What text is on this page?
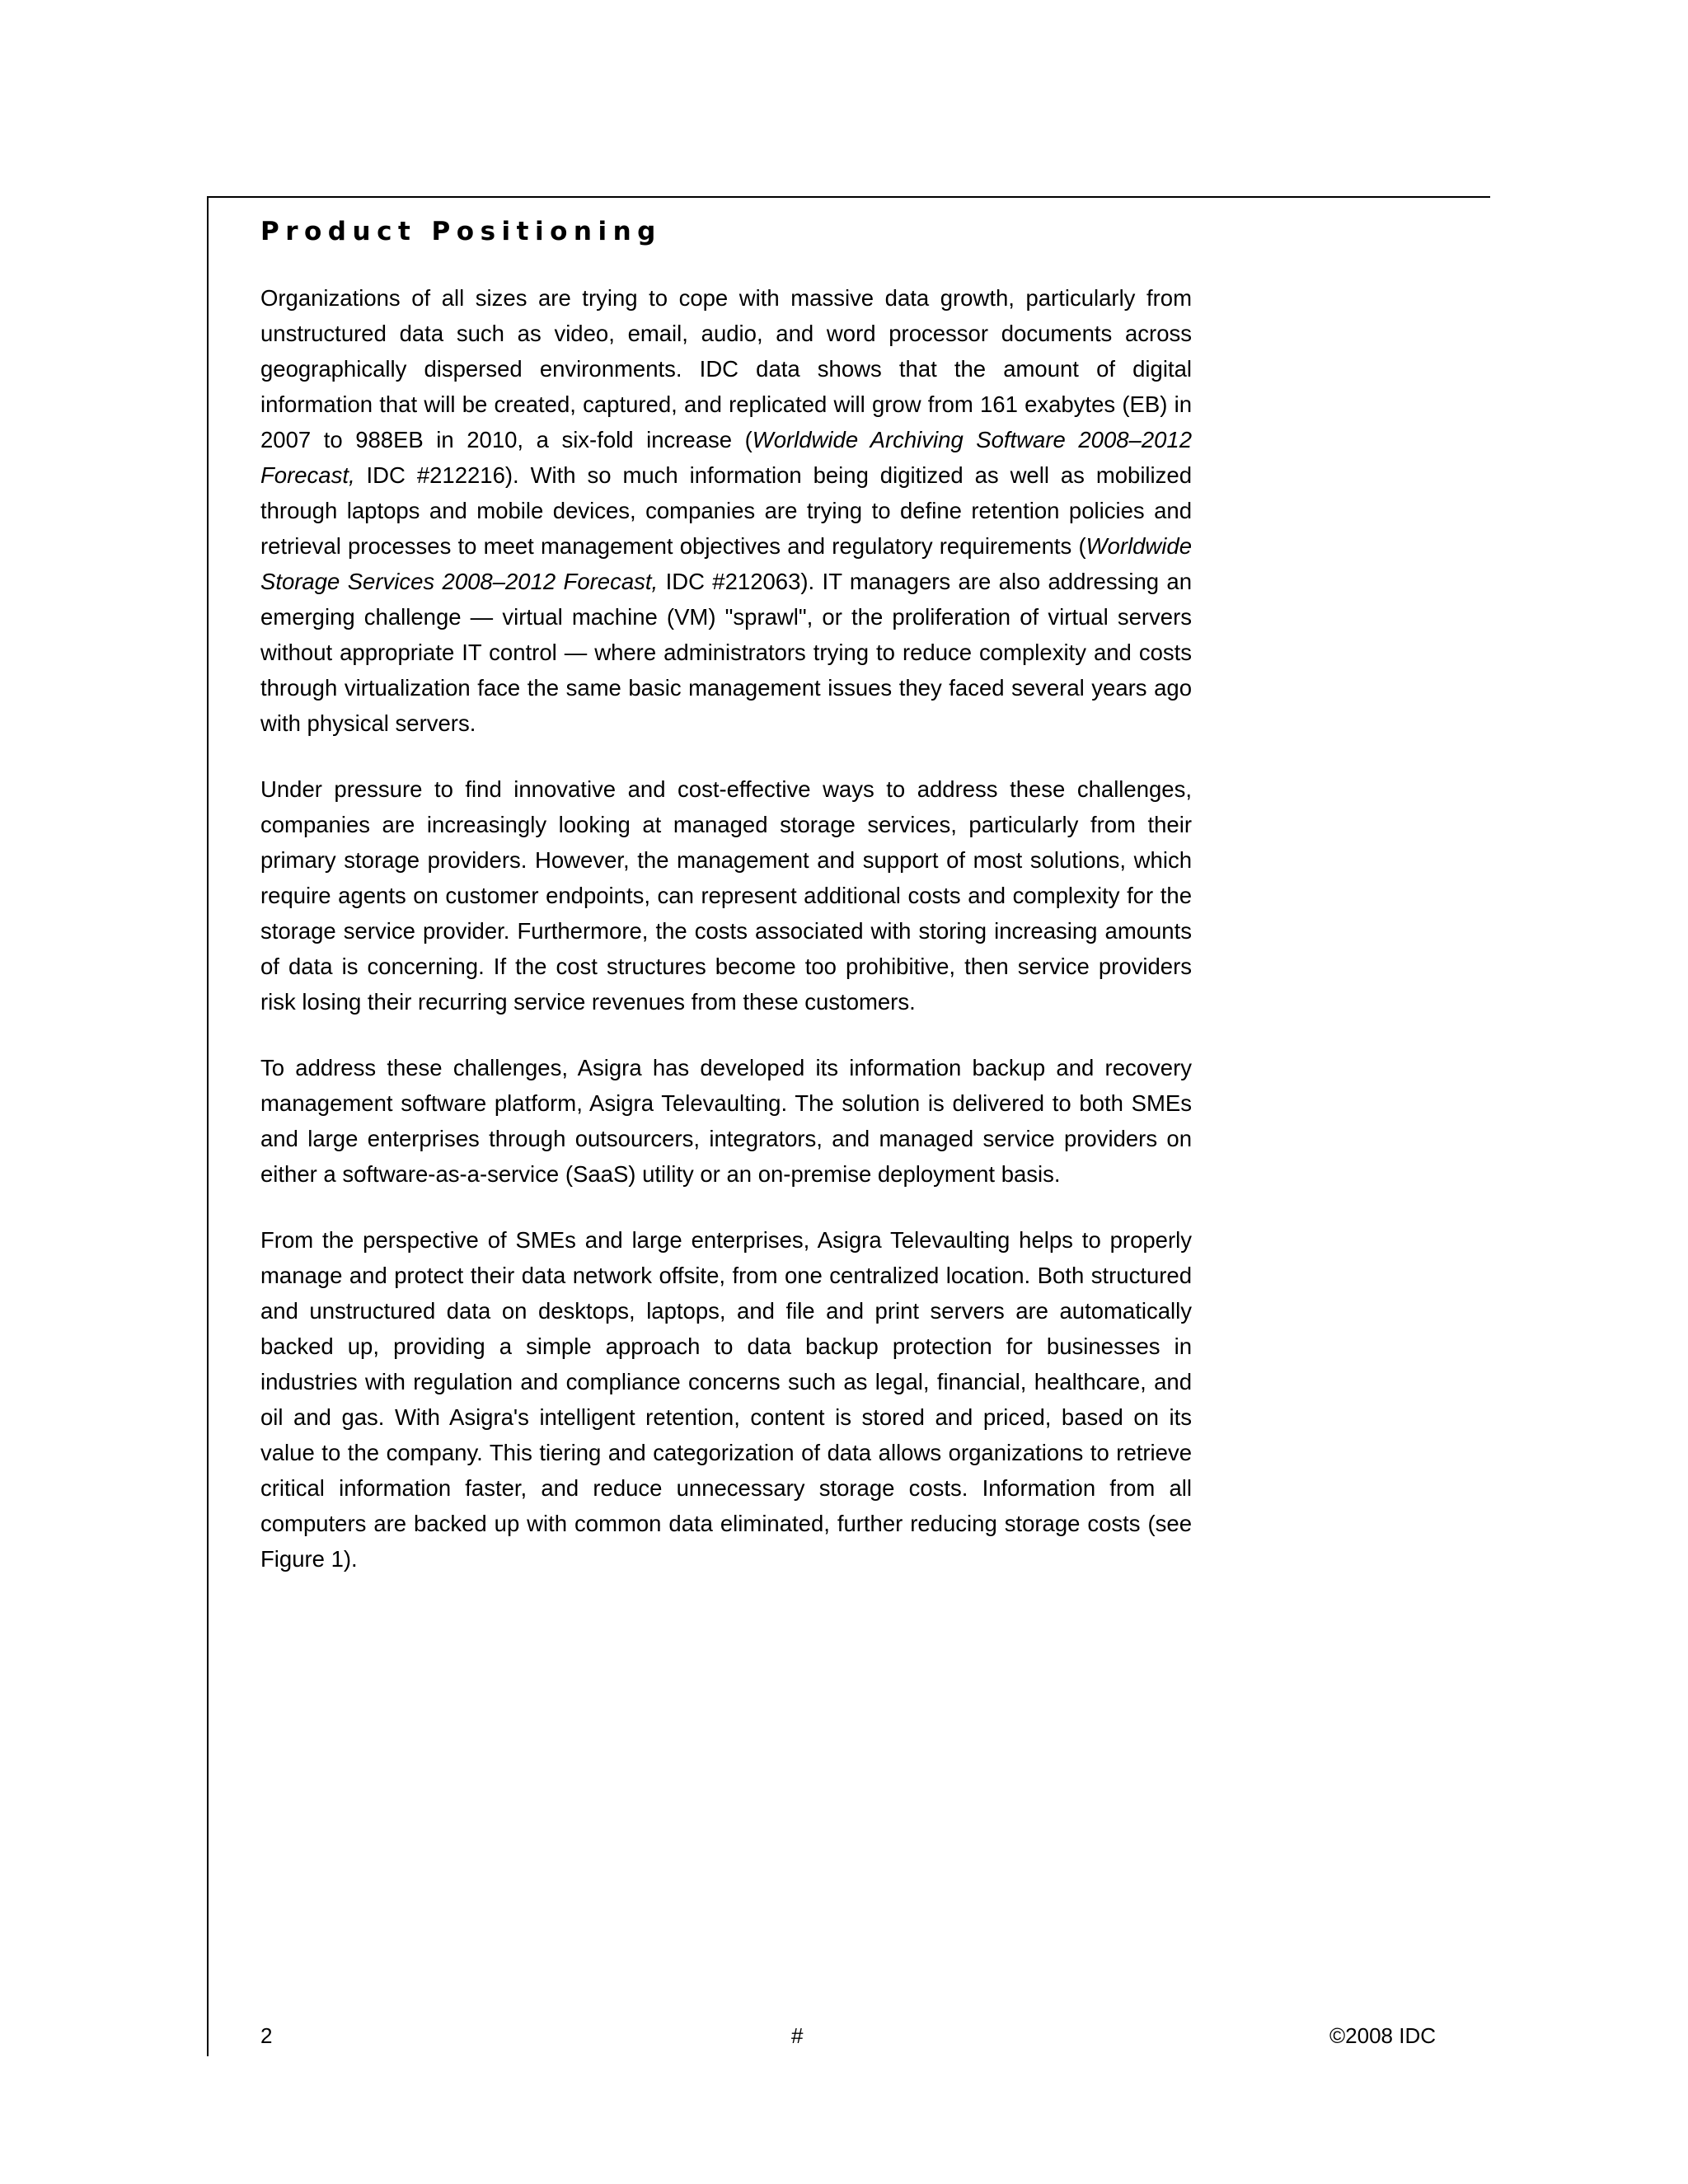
Product Positioning

Organizations of all sizes are trying to cope with massive data growth, particularly from unstructured data such as video, email, audio, and word processor documents across geographically dispersed environments. IDC data shows that the amount of digital information that will be created, captured, and replicated will grow from 161 exabytes (EB) in 2007 to 988EB in 2010, a six-fold increase (Worldwide Archiving Software 2008–2012 Forecast, IDC #212216). With so much information being digitized as well as mobilized through laptops and mobile devices, companies are trying to define retention policies and retrieval processes to meet management objectives and regulatory requirements (Worldwide Storage Services 2008–2012 Forecast, IDC #212063). IT managers are also addressing an emerging challenge — virtual machine (VM) "sprawl", or the proliferation of virtual servers without appropriate IT control — where administrators trying to reduce complexity and costs through virtualization face the same basic management issues they faced several years ago with physical servers.

Under pressure to find innovative and cost-effective ways to address these challenges, companies are increasingly looking at managed storage services, particularly from their primary storage providers. However, the management and support of most solutions, which require agents on customer endpoints, can represent additional costs and complexity for the storage service provider. Furthermore, the costs associated with storing increasing amounts of data is concerning. If the cost structures become too prohibitive, then service providers risk losing their recurring service revenues from these customers.

To address these challenges, Asigra has developed its information backup and recovery management software platform, Asigra Televaulting. The solution is delivered to both SMEs and large enterprises through outsourcers, integrators, and managed service providers on either a software-as-a-service (SaaS) utility or an on-premise deployment basis.

From the perspective of SMEs and large enterprises, Asigra Televaulting helps to properly manage and protect their data network offsite, from one centralized location. Both structured and unstructured data on desktops, laptops, and file and print servers are automatically backed up, providing a simple approach to data backup protection for businesses in industries with regulation and compliance concerns such as legal, financial, healthcare, and oil and gas. With Asigra's intelligent retention, content is stored and priced, based on its value to the company. This tiering and categorization of data allows organizations to retrieve critical information faster, and reduce unnecessary storage costs. Information from all computers are backed up with common data eliminated, further reducing storage costs (see Figure 1).

2	#	©2008 IDC
